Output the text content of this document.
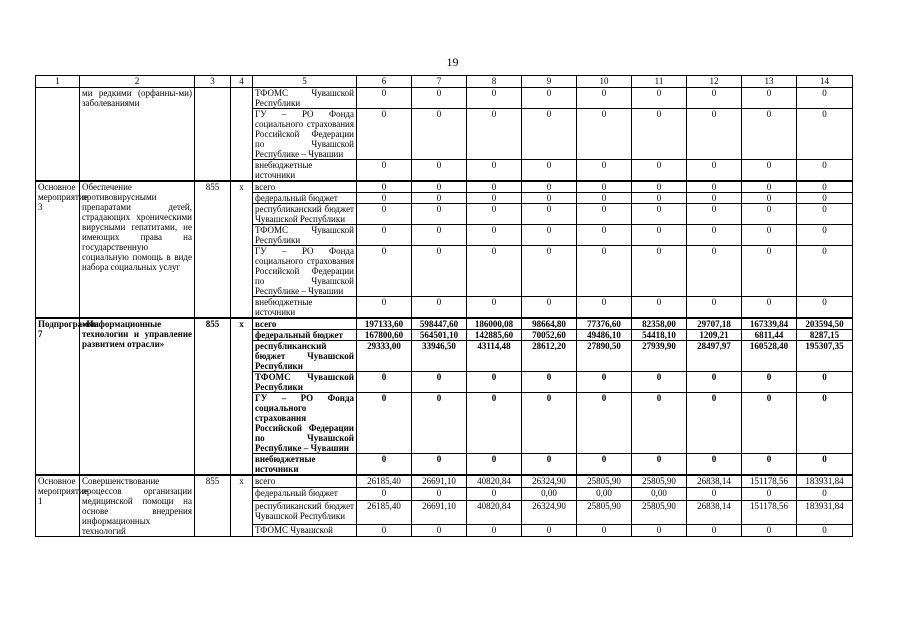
19
1	2	3	4	5	6	7	8	9	10	11	12	13	14
	ми редкими (орфанны-ми) заболеваниями			ТФОМС Чувашской Республики	0	0	0	0	0	0	0	0	0
				ГУ – РО Фонда социального страхования Российской Федерации по Чувашской Республике – Чувашии	0	0	0	0	0	0	0	0	0
				внебюджетные источники	0	0	0	0	0	0	0	0	0
Основное мероприятие 3	Обеспечение противовирусными препаратами детей, страдающих хроническими вирусными гепатитами, не имеющих права на государственную социальную помощь в виде набора социальных услуг	855	х	всего	0	0	0	0	0	0	0	0	0
				федеральный бюджет	0	0	0	0	0	0	0	0	0
				республиканский бюджет Чувашской Республики	0	0	0	0	0	0	0	0	0
				ТФОМС Чувашской Республики	0	0	0	0	0	0	0	0	0
				ГУ – РО Фонда социального страхования Российской Федерации по Чувашской Республике – Чувашии	0	0	0	0	0	0	0	0	0
				внебюджетные источники	0	0	0	0	0	0	0	0	0
Подпрограмма 7	«Информационные технологии и управление развитием отрасли»	855	х	всего	197133,60	598447,60	186000,08	98664,80	77376,60	82358,00	29707,18	167339,84	203594,50
				федеральный бюджет	167800,60	564501,10	142885,60	70052,60	49486,10	54418,10	1209,21	6811,44	8287,15
				республиканский бюджет Чувашской Республики	29333,00	33946,50	43114,48	28612,20	27890,50	27939,90	28497,97	160528,40	195307,35
				ТФОМС Чувашской Республики	0	0	0	0	0	0	0	0	0
				ГУ – РО Фонда социального страхования Российской Федерации по Чувашской Республике – Чувашии	0	0	0	0	0	0	0	0	0
				внебюджетные источники	0	0	0	0	0	0	0	0	0
Основное мероприятие 1	Совершенствование процессов организации медицинской помощи на основе внедрения информационных технологий	855	х	всего	26185,40	26691,10	40820,84	26324,90	25805,90	25805,90	26838,14	151178,56	183931,84
				федеральный бюджет	0	0	0	0,00	0,00	0,00	0	0	0
				республиканский бюджет Чувашской Республики	26185,40	26691,10	40820,84	26324,90	25805,90	25805,90	26838,14	151178,56	183931,84
				ТФОМС Чувашской	0	0	0	0	0	0	0	0	0
